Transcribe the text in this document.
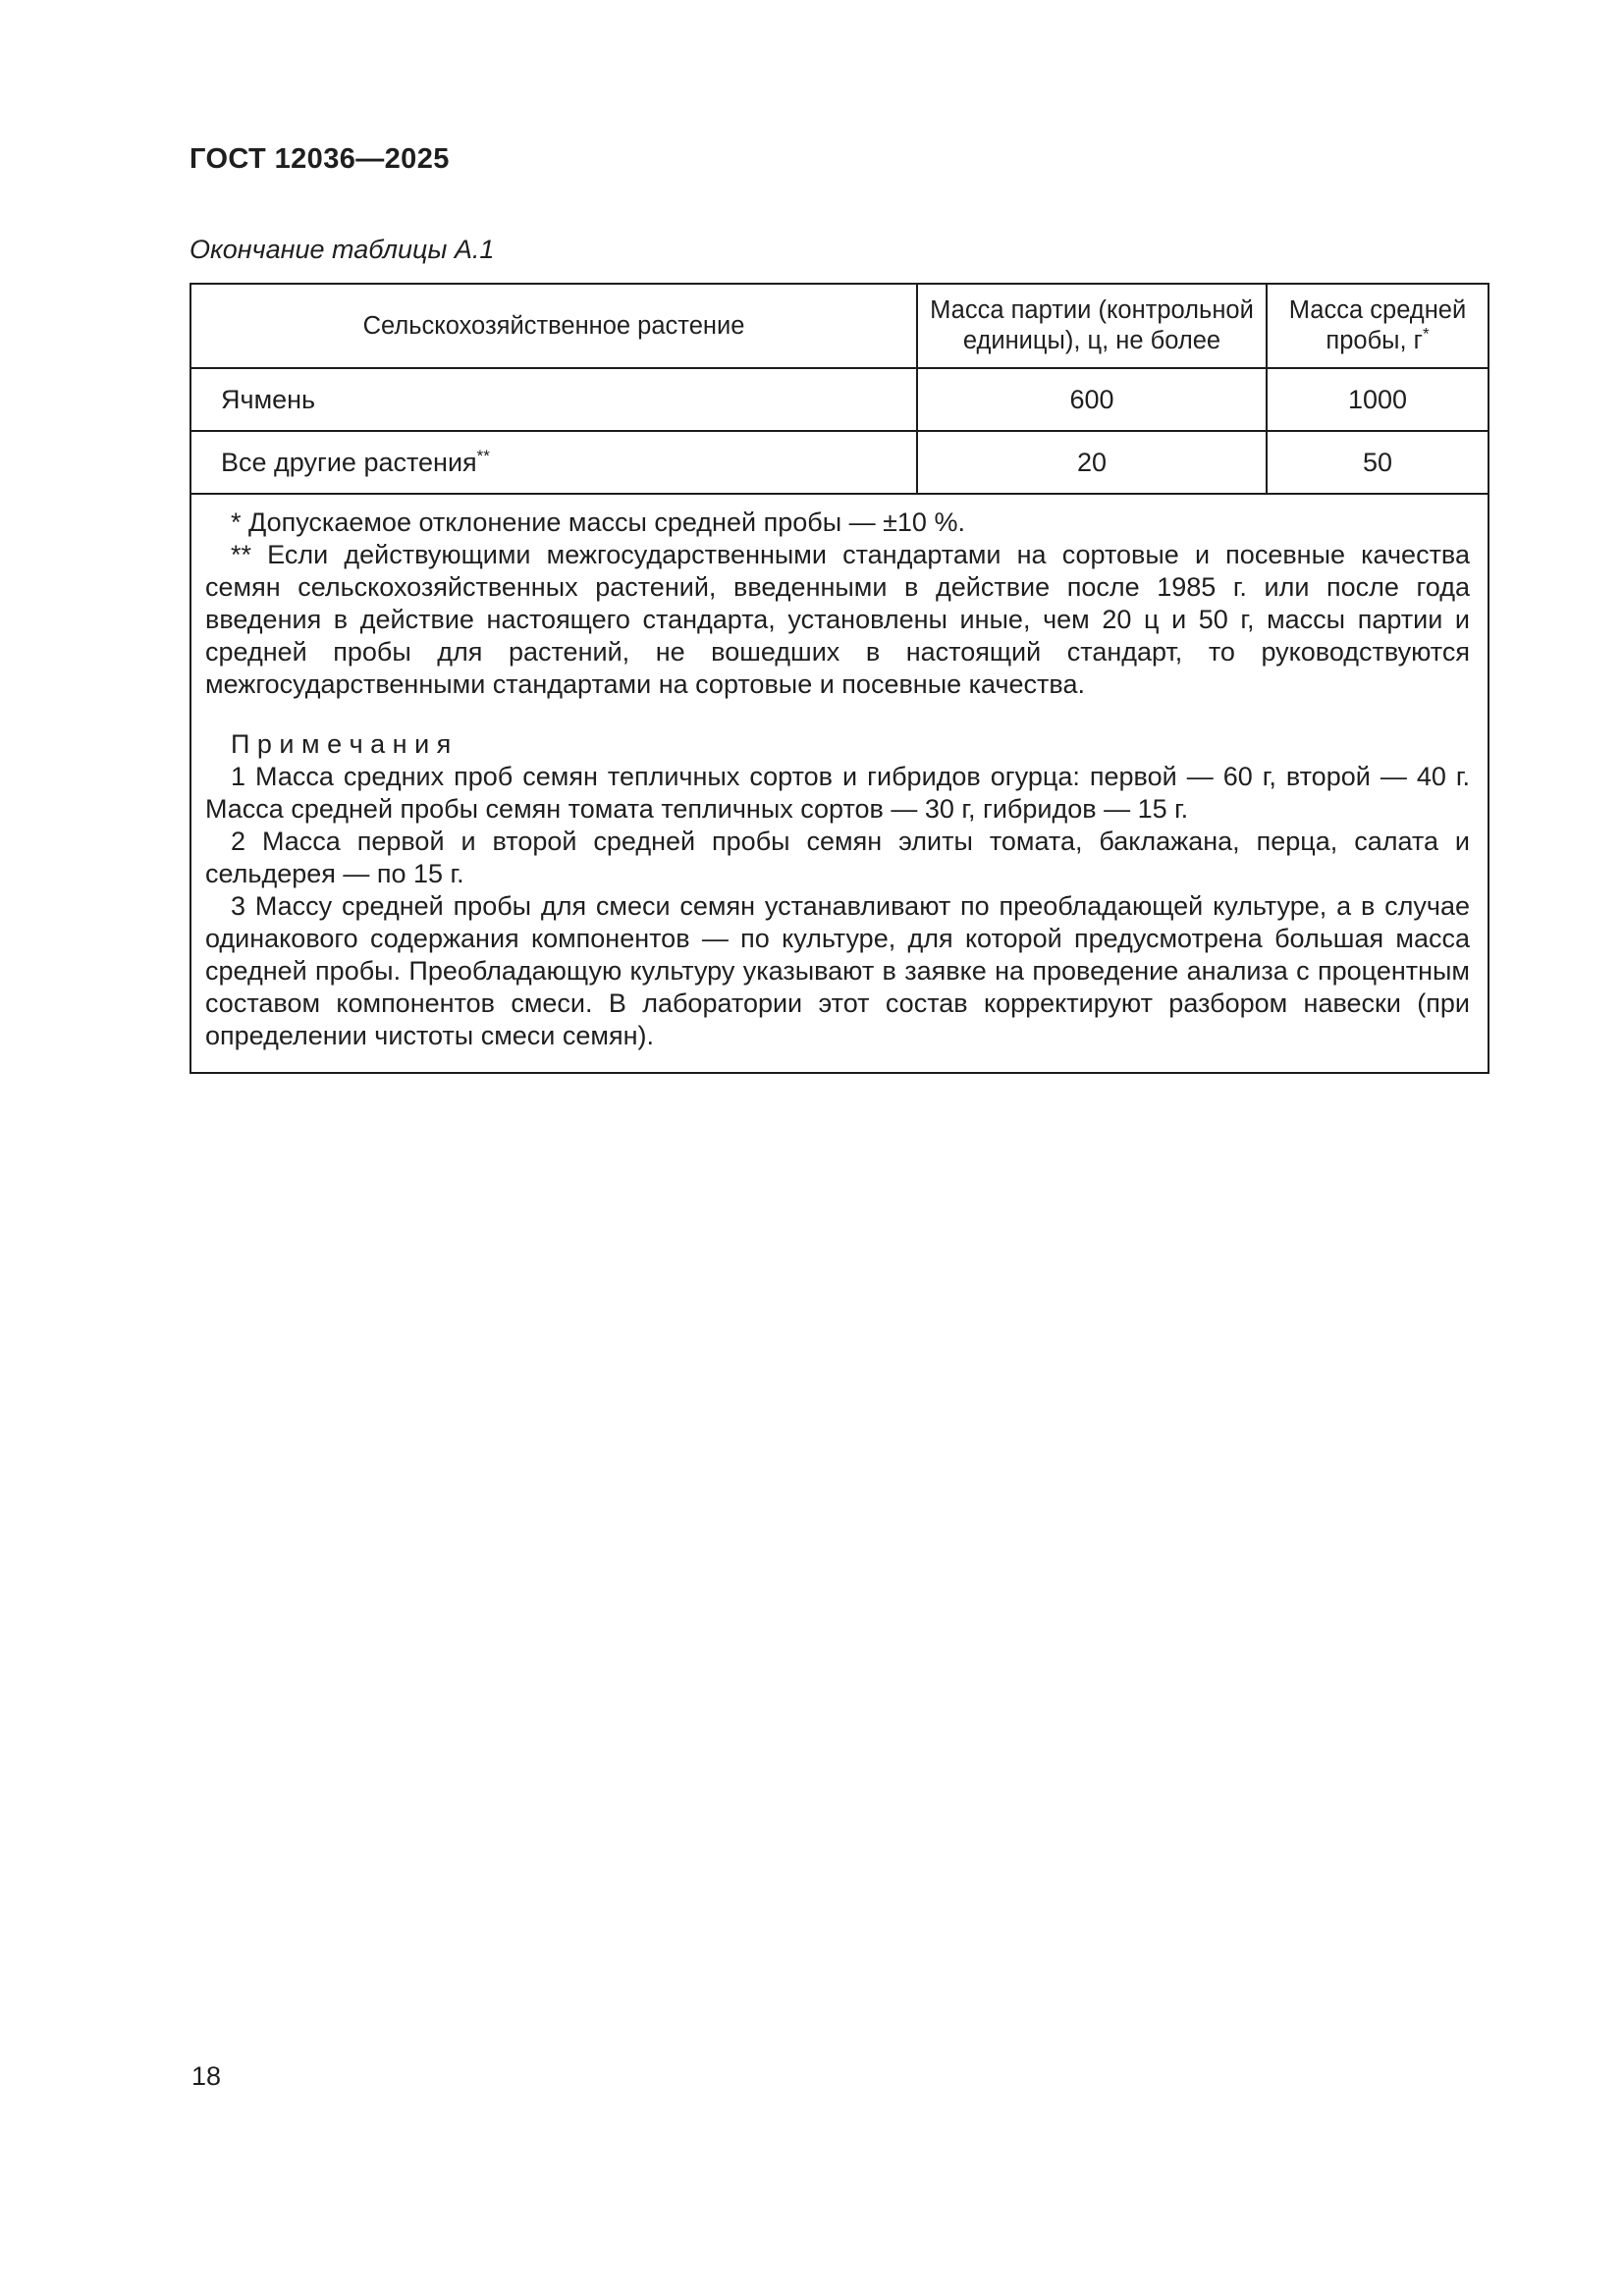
ГОСТ 12036—2025
Окончание таблицы А.1
Сельскохозяйственное растение	Масса партии (контрольной единицы), ц, не более	Масса средней пробы, г*
Ячмень	600	1000
Все другие растения**	20	50

* Допускаемое отклонение массы средней пробы — ±10 %.

** Если действующими межгосударственными стандартами на сортовые и посевные качества семян сельскохозяйственных растений, введенными в действие после 1985 г. или после года введения в действие настоящего стандарта, установлены иные, чем 20 ц и 50 г, массы партии и средней пробы для растений, не вошедших в настоящий стандарт, то руководствуются межгосударственными стандартами на сортовые и посевные качества.

П р и м е ч а н и я

1 Масса средних проб семян тепличных сортов и гибридов огурца: первой — 60 г, второй — 40 г. Масса средней пробы семян томата тепличных сортов — 30 г, гибридов — 15 г.

2 Масса первой и второй средней пробы семян элиты томата, баклажана, перца, салата и сельдерея — по 15 г.

3 Массу средней пробы для смеси семян устанавливают по преобладающей культуре, а в случае одинакового содержания компонентов — по культуре, для которой предусмотрена большая масса средней пробы. Преобладающую культуру указывают в заявке на проведение анализа с процентным составом компонентов смеси. В лаборатории этот состав корректируют разбором навески (при определении чистоты смеси семян).

18
